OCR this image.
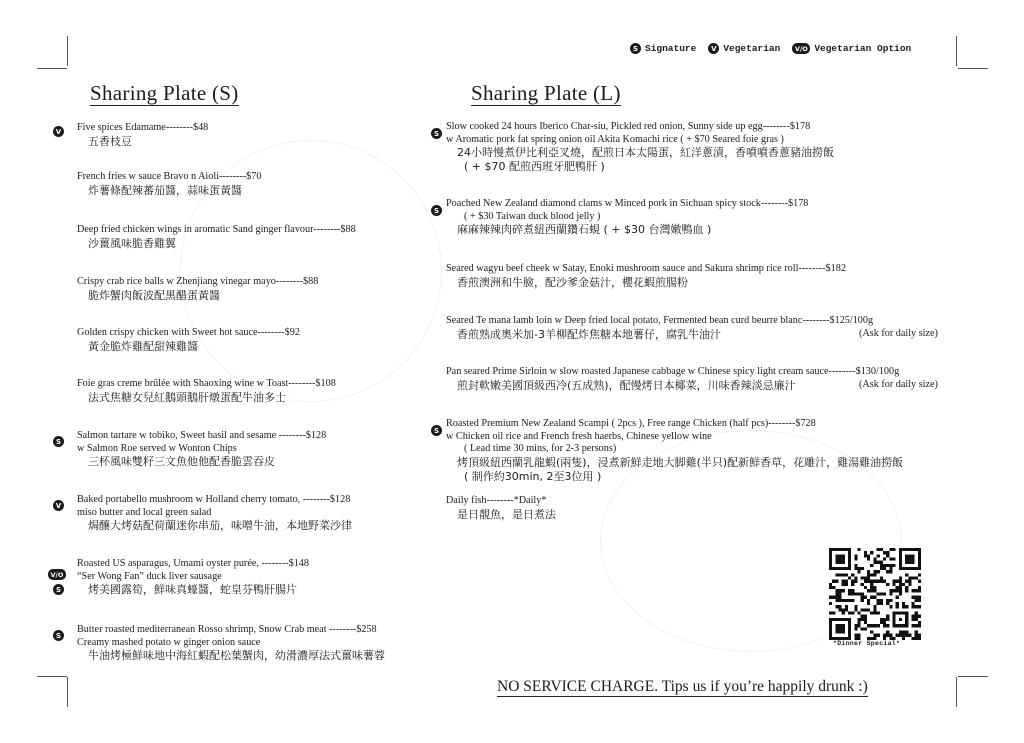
S Signature	V Vegetarian	V/O Vegetarian Option
Sharing Plate (S)	Sharing Plate (L)
V Five spices Edamame--------$48
五香枝豆
French fries w sauce Bravo n Aioli--------$70
炸薯條配辣蕃茄醬，蒜味蛋黃醬
Deep fried chicken wings in aromatic Sand ginger flavour--------$88
沙薑風味脆香雞翼
Crispy crab rice balls w Zhenjiang vinegar mayo--------$88
脆炸蟹肉飯波配黑醋蛋黃醬
Golden crispy chicken with Sweet hot sauce--------$92
黃金脆炸雞配甜辣雞醬
Foie gras creme brûlée with Shaoxing wine w Toast--------$108
法式焦糖女兒紅鵝頭鵝肝燉蛋配牛油多士
S
Salmon tartare w tobiko, Sweet basil and sesame --------$128
w Salmon Roe served w Wonton Chips
三杯風味雙籽三文魚他他配香脆雲吞皮
V
Baked portabello mushroom w Holland cherry tomato, --------$128
miso butter and local green salad
焗釀大烤菇配荷蘭迷你串茄，味噌牛油，本地野菜沙律
V/O
S
Roasted US asparagus, Umami oyster purée, --------$148
“Ser Wong Fan” duck liver sausage
烤美國露筍，鮮味真蠔醬，蛇皇芬鴨肝腸片
S
Butter roasted mediterranean Rosso shrimp, Snow Crab meat --------$258
Creamy mashed potato w ginger onion sauce
牛油烤極鮮味地中海紅蝦配松葉蟹肉，幼滑濃厚法式薑味薯蓉
S
Slow cooked 24 hours Iberico Char-siu, Pickled red onion, Sunny side up egg--------$178
w Aromatic pork fat spring onion oil Akita Komachi rice ( + $70 Seared foie gras )
24小時慢煮伊比利亞叉燒，配煎日本太陽蛋，紅洋蔥漬，香噴噴香蔥豬油撈飯
( + $70 配煎西班牙肥鴨肝 )
S
Poached New Zealand diamond clams w Minced pork in Sichuan spicy stock--------$178
( + $30 Taiwan duck blood jelly )
麻麻辣辣肉碎煮紐西蘭鑽石蜆 ( + $30 台灣嫩鴨血 )
Seared wagyu beef cheek w Satay, Enoki mushroom sauce and Sakura shrimp rice roll--------$182
香煎澳洲和牛臉，配沙爹金菇汁，櫻花蝦煎腸粉
Seared Te mana lamb loin w Deep fried local potato, Fermented bean curd beurre blanc--------$125/100g
香煎熟成奧米加-3羊柳配炸焦糖本地薯仔，腐乳牛油汁	(Ask for daily size)
Pan seared Prime Sirloin w slow roasted Japanese cabbage w Chinese spicy light cream sauce--------$130/100g
煎封軟嫩美國頂級西冷(五成熟)，配慢烤日本椰菜，川味香辣淡忌廉汁	(Ask for daily size)
S
Roasted Premium New Zealand Scampi ( 2pcs ), Free range Chicken (half pcs)--------$728
w Chicken oil rice and French fresh haerbs, Chinese yellow wine
( Lead time 30 mins, for 2-3 persons)
烤頂級紐西蘭乳龍蝦(兩隻)，浸煮新鮮走地大脚雞(半只)配新鮮香草，花雕汁，雞湯雞油撈飯
( 制作約30min, 2至3位用 )
Daily fish--------*Daily*
是日靚魚，是日煮法
*Dinner Special*
NO SERVICE CHARGE. Tips us if you’re happily drunk :)
